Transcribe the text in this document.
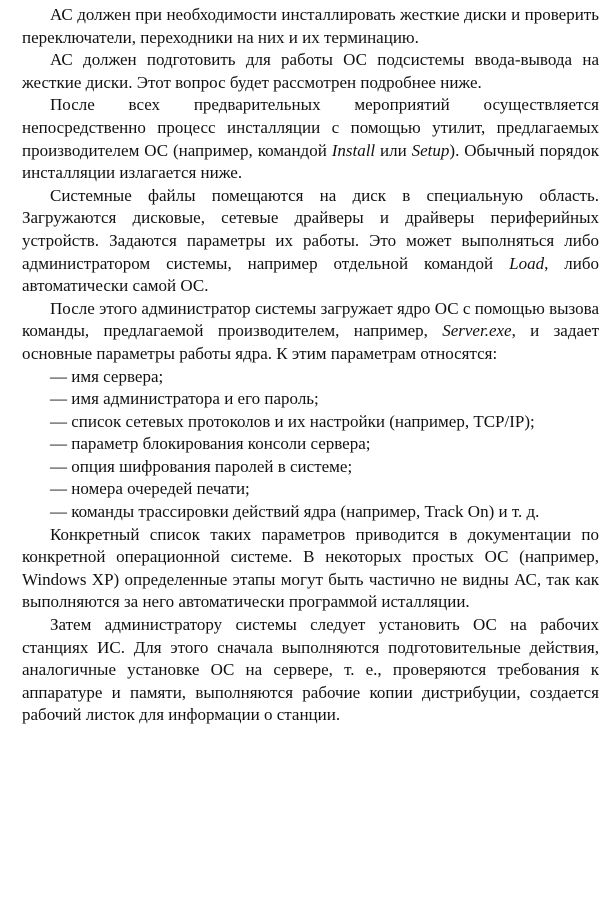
АС должен при необходимости инсталлировать жесткие диски и проверить переключатели, переходники на них и их терминацию.

АС должен подготовить для работы ОС подсистемы ввода-вывода на жесткие диски. Этот вопрос будет рассмотрен подробнее ниже.

После всех предварительных мероприятий осуществляется непосредственно процесс инсталляции с помощью утилит, предлагаемых производителем ОС (например, командой Install или Setup). Обычный порядок инсталляции излагается ниже.

Системные файлы помещаются на диск в специальную область. Загружаются дисковые, сетевые драйверы и драйверы периферийных устройств. Задаются параметры их работы. Это может выполняться либо администратором системы, например отдельной командой Load, либо автоматически самой ОС.

После этого администратор системы загружает ядро ОС с помощью вызова команды, предлагаемой производителем, например, Server.exe, и задает основные параметры работы ядра. К этим параметрам относятся:

— имя сервера;
— имя администратора и его пароль;
— список сетевых протоколов и их настройки (например, TCP/IP);
— параметр блокирования консоли сервера;
— опция шифрования паролей в системе;
— номера очередей печати;
— команды трассировки действий ядра (например, Track On) и т. д.

Конкретный список таких параметров приводится в документации по конкретной операционной системе. В некоторых простых ОС (например, Windows XP) определенные этапы могут быть частично не видны АС, так как выполняются за него автоматически программой исталляции.

Затем администратору системы следует установить ОС на рабочих станциях ИС. Для этого сначала выполняются подготовительные действия, аналогичные установке ОС на сервере, т. е., проверяются требования к аппаратуре и памяти, выполняются рабочие копии дистрибуции, создается рабочий листок для информации о станции.
